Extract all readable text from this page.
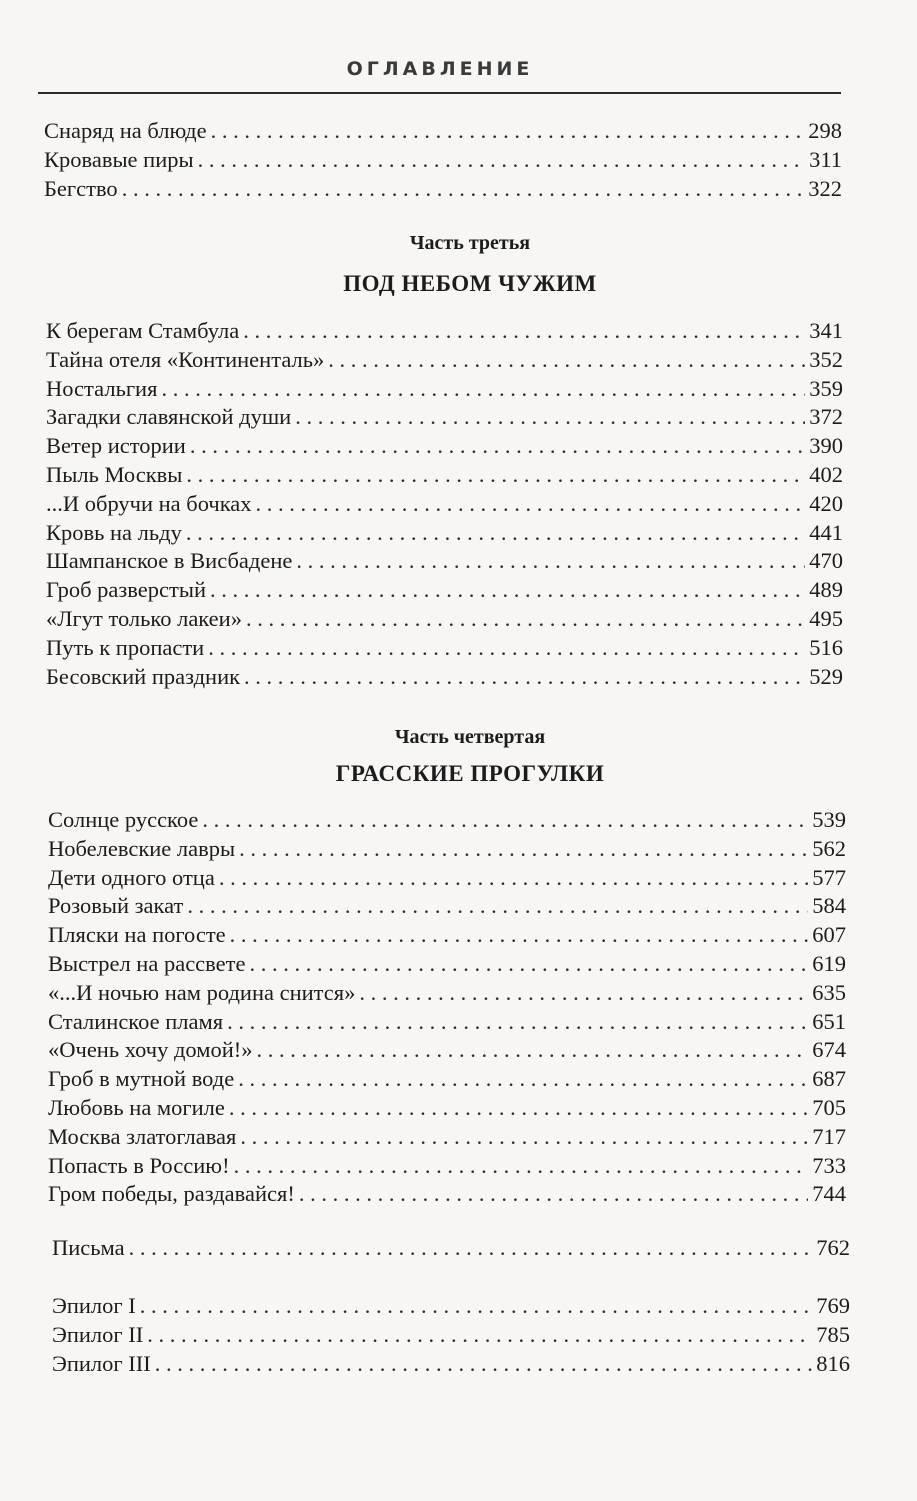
ОГЛАВЛЕНИЕ
Снаряд на блюде . . .	298
Кровавые пиры . . .	311
Бегство . . .	322
Часть третья
ПОД НЕБОМ ЧУЖИМ
К берегам Стамбула . . .	341
Тайна отеля «Континенталь» . . .	352
Ностальгия . . .	359
Загадки славянской души . . .	372
Ветер истории . . .	390
Пыль Москвы . . .	402
...И обручи на бочках . . .	420
Кровь на льду . . .	441
Шампанское в Висбадене . . .	470
Гроб разверстый . . .	489
«Лгут только лакеи» . . .	495
Путь к пропасти . . .	516
Бесовский праздник . . .	529
Часть четвертая
ГРАССКИЕ ПРОГУЛКИ
Солнце русское . . .	539
Нобелевские лавры . . .	562
Дети одного отца . . .	577
Розовый закат . . .	584
Пляски на погосте . . .	607
Выстрел на рассвете . . .	619
«...И ночью нам родина снится» . . .	635
Сталинское пламя . . .	651
«Очень хочу домой!» . . .	674
Гроб в мутной воде . . .	687
Любовь на могиле . . .	705
Москва златоглавая . . .	717
Попасть в Россию! . . .	733
Гром победы, раздавайся! . . .	744
Письма . . .	762
Эпилог I . . .	769
Эпилог II . . .	785
Эпилог III . . .	816
